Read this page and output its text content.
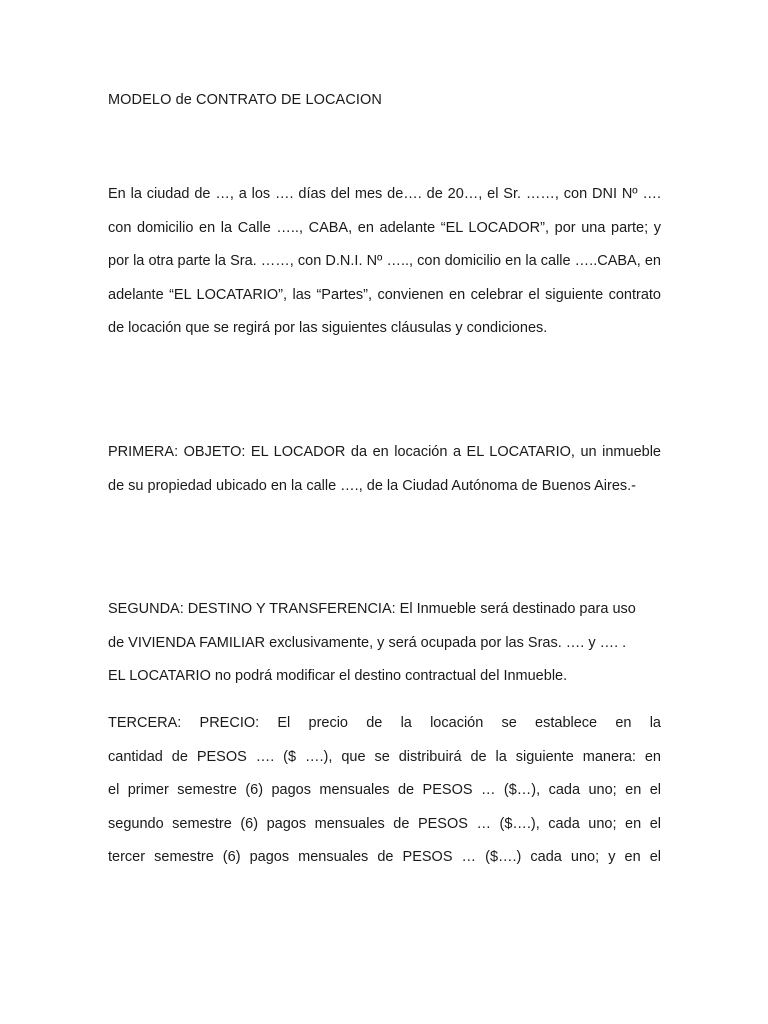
MODELO de CONTRATO DE LOCACION

En la ciudad de …, a los …. días del mes de…. de 20…, el Sr. ……, con DNI Nº …. con domicilio en la Calle ….., CABA, en adelante “EL LOCADOR”, por una parte; y por la otra parte la Sra. ……, con D.N.I. Nº ….., con domicilio en la calle …..CABA, en adelante “EL LOCATARIO”, las “Partes”, convienen en celebrar el siguiente contrato de locación que se regirá por las siguientes cláusulas y condiciones.

PRIMERA: OBJETO: EL LOCADOR da en locación a EL LOCATARIO, un inmueble de su propiedad ubicado en la calle …., de la Ciudad Autónoma de Buenos Aires.-

SEGUNDA: DESTINO Y TRANSFERENCIA: El Inmueble será destinado para uso
de VIVIENDA FAMILIAR exclusivamente, y será ocupada por las Sras. …. y …. .
EL LOCATARIO no podrá modificar el destino contractual del Inmueble.

TERCERA: PRECIO: El precio de la locación se establece en la
cantidad de PESOS …. ($ ….), que se distribuirá de la siguiente manera: en
el primer semestre (6) pagos mensuales de PESOS … ($…), cada uno; en el
segundo semestre (6) pagos mensuales de PESOS … ($….), cada uno; en el
tercer semestre (6) pagos mensuales de PESOS … ($….) cada uno; y en el
